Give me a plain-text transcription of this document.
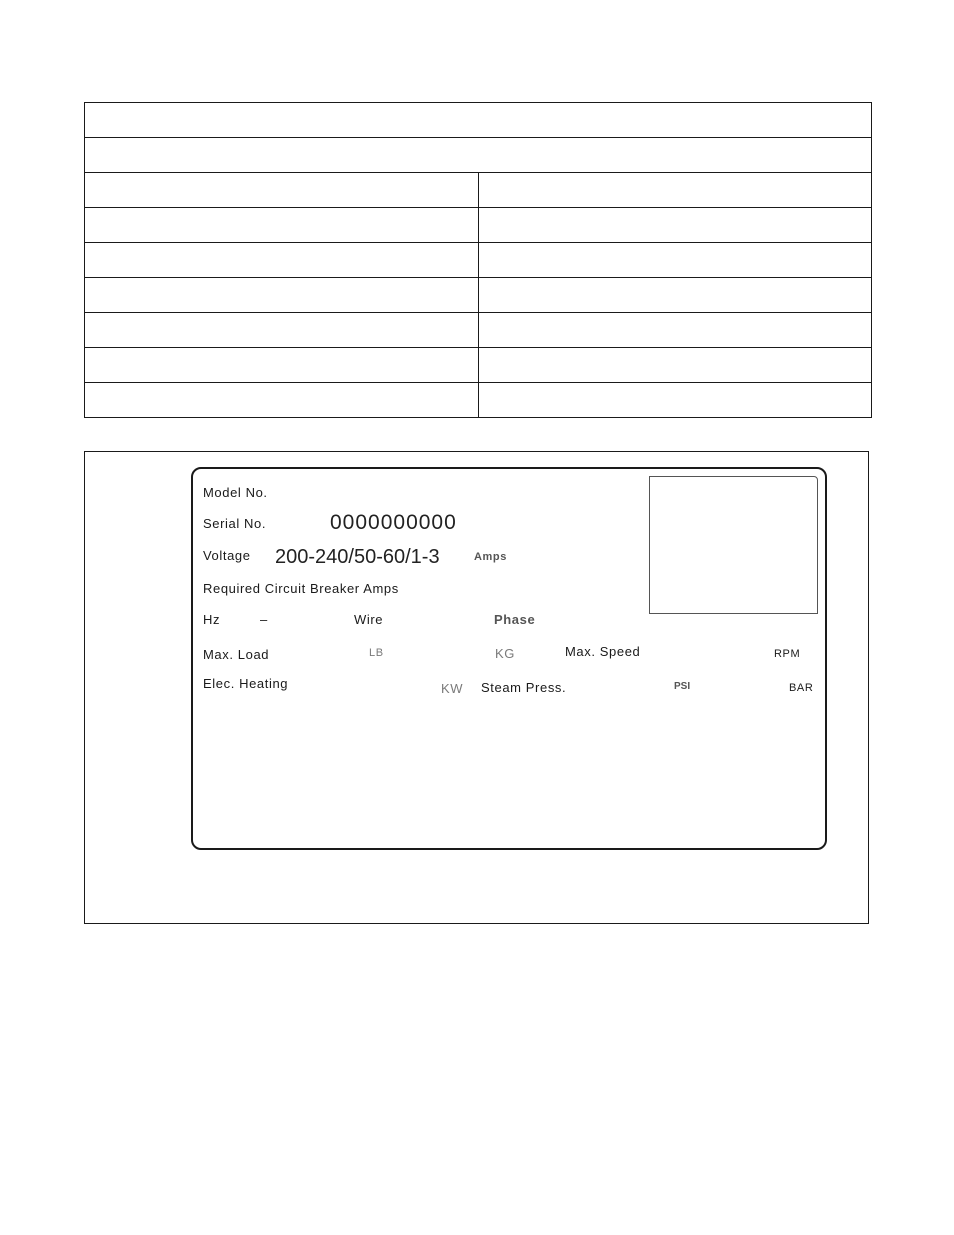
Model No.
Serial No.	0000000000
Voltage 200-240/50-60/1-3	Amps
Required Circuit Breaker Amps
Hz	–	Wire	Phase
Max. Load	LB	KG	Max. Speed	RPM
Elec. Heating	KW Steam Press.	PSI	BAR
